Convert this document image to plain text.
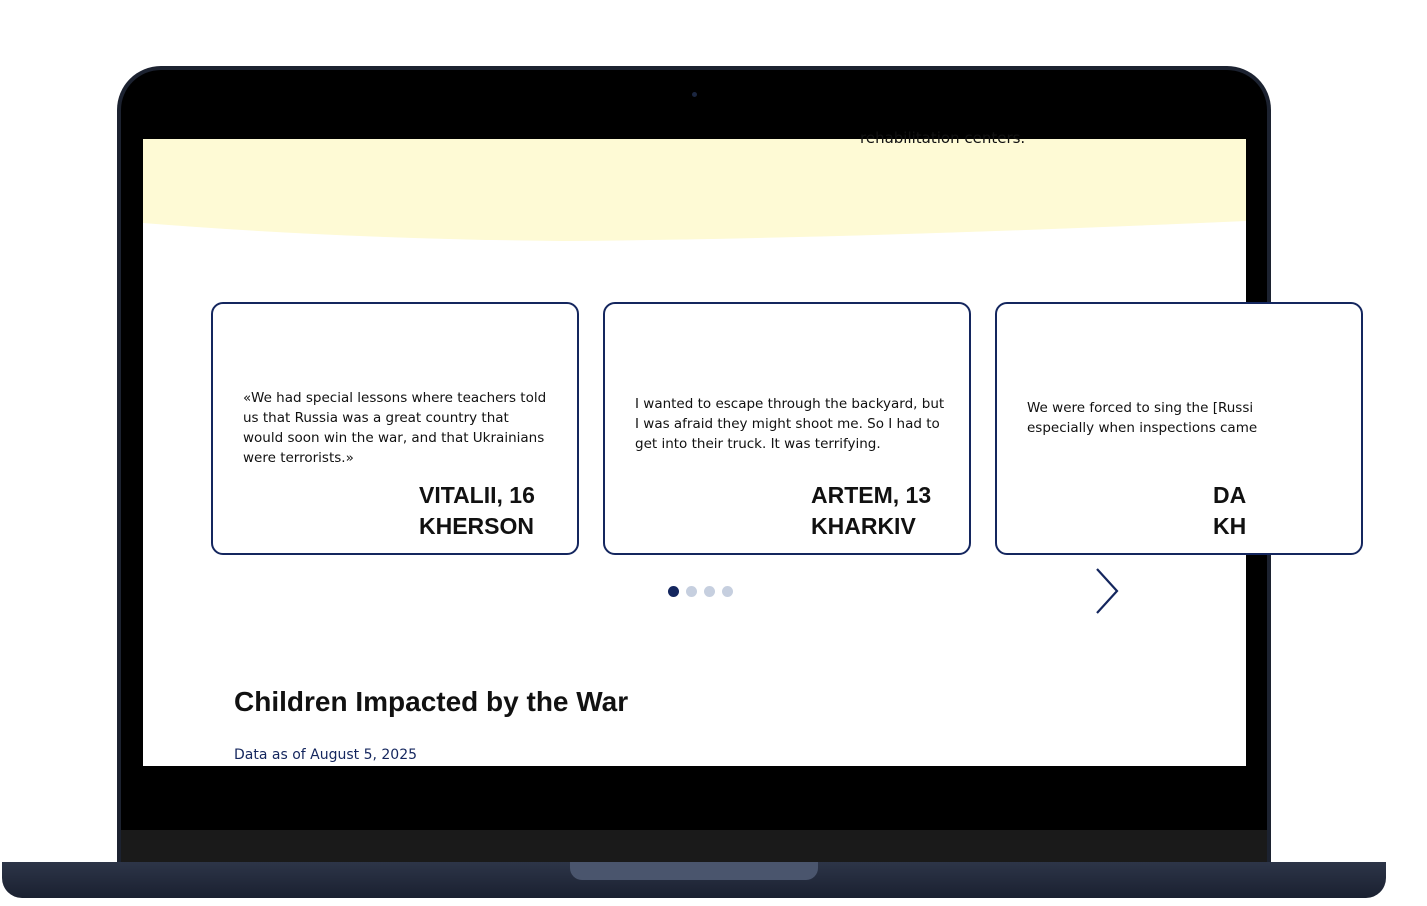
rehabilitation centers.
«We had special lessons where teachers told us that Russia was a great country that would soon win the war, and that Ukrainians were terrorists.»
VITALII, 16
KHERSON
I wanted to escape through the backyard, but I was afraid they might shoot me. So I had to get into their truck. It was terrifying.
ARTEM, 13
KHARKIV
We were forced to sing the [Russi
especially when inspections came
DA
KH
Children Impacted by the War
Data as of August 5, 2025
